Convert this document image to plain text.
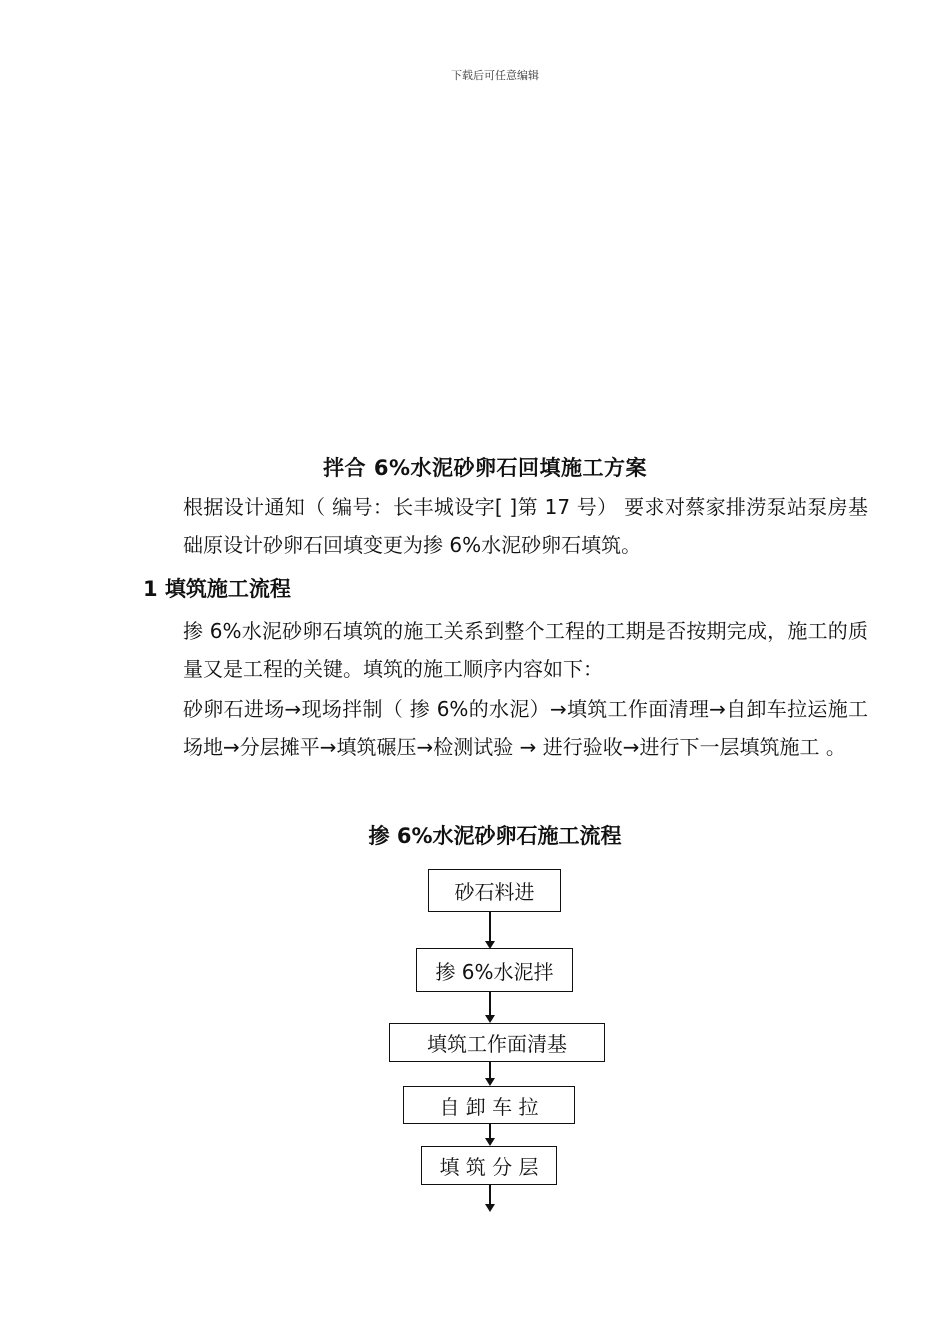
下载后可任意编辑
拌合 6%水泥砂卵石回填施工方案
根据设计通知（ 编号：长丰城设字[ ]第 17 号） 要求对蔡家排涝泵站泵房基础原设计砂卵石回填变更为掺 6%水泥砂卵石填筑。
1 填筑施工流程
掺 6%水泥砂卵石填筑的施工关系到整个工程的工期是否按期完成，施工的质量又是工程的关键。填筑的施工顺序内容如下：
砂卵石进场→现场拌制（ 掺 6%的水泥）→填筑工作面清理→自卸车拉运施工场地→分层摊平→填筑碾压→检测试验 → 进行验收→进行下一层填筑施工 。
掺 6%水泥砂卵石施工流程
砂石料进
掺 6%水泥拌
填筑工作面清基
自 卸 车 拉
填 筑 分 层
